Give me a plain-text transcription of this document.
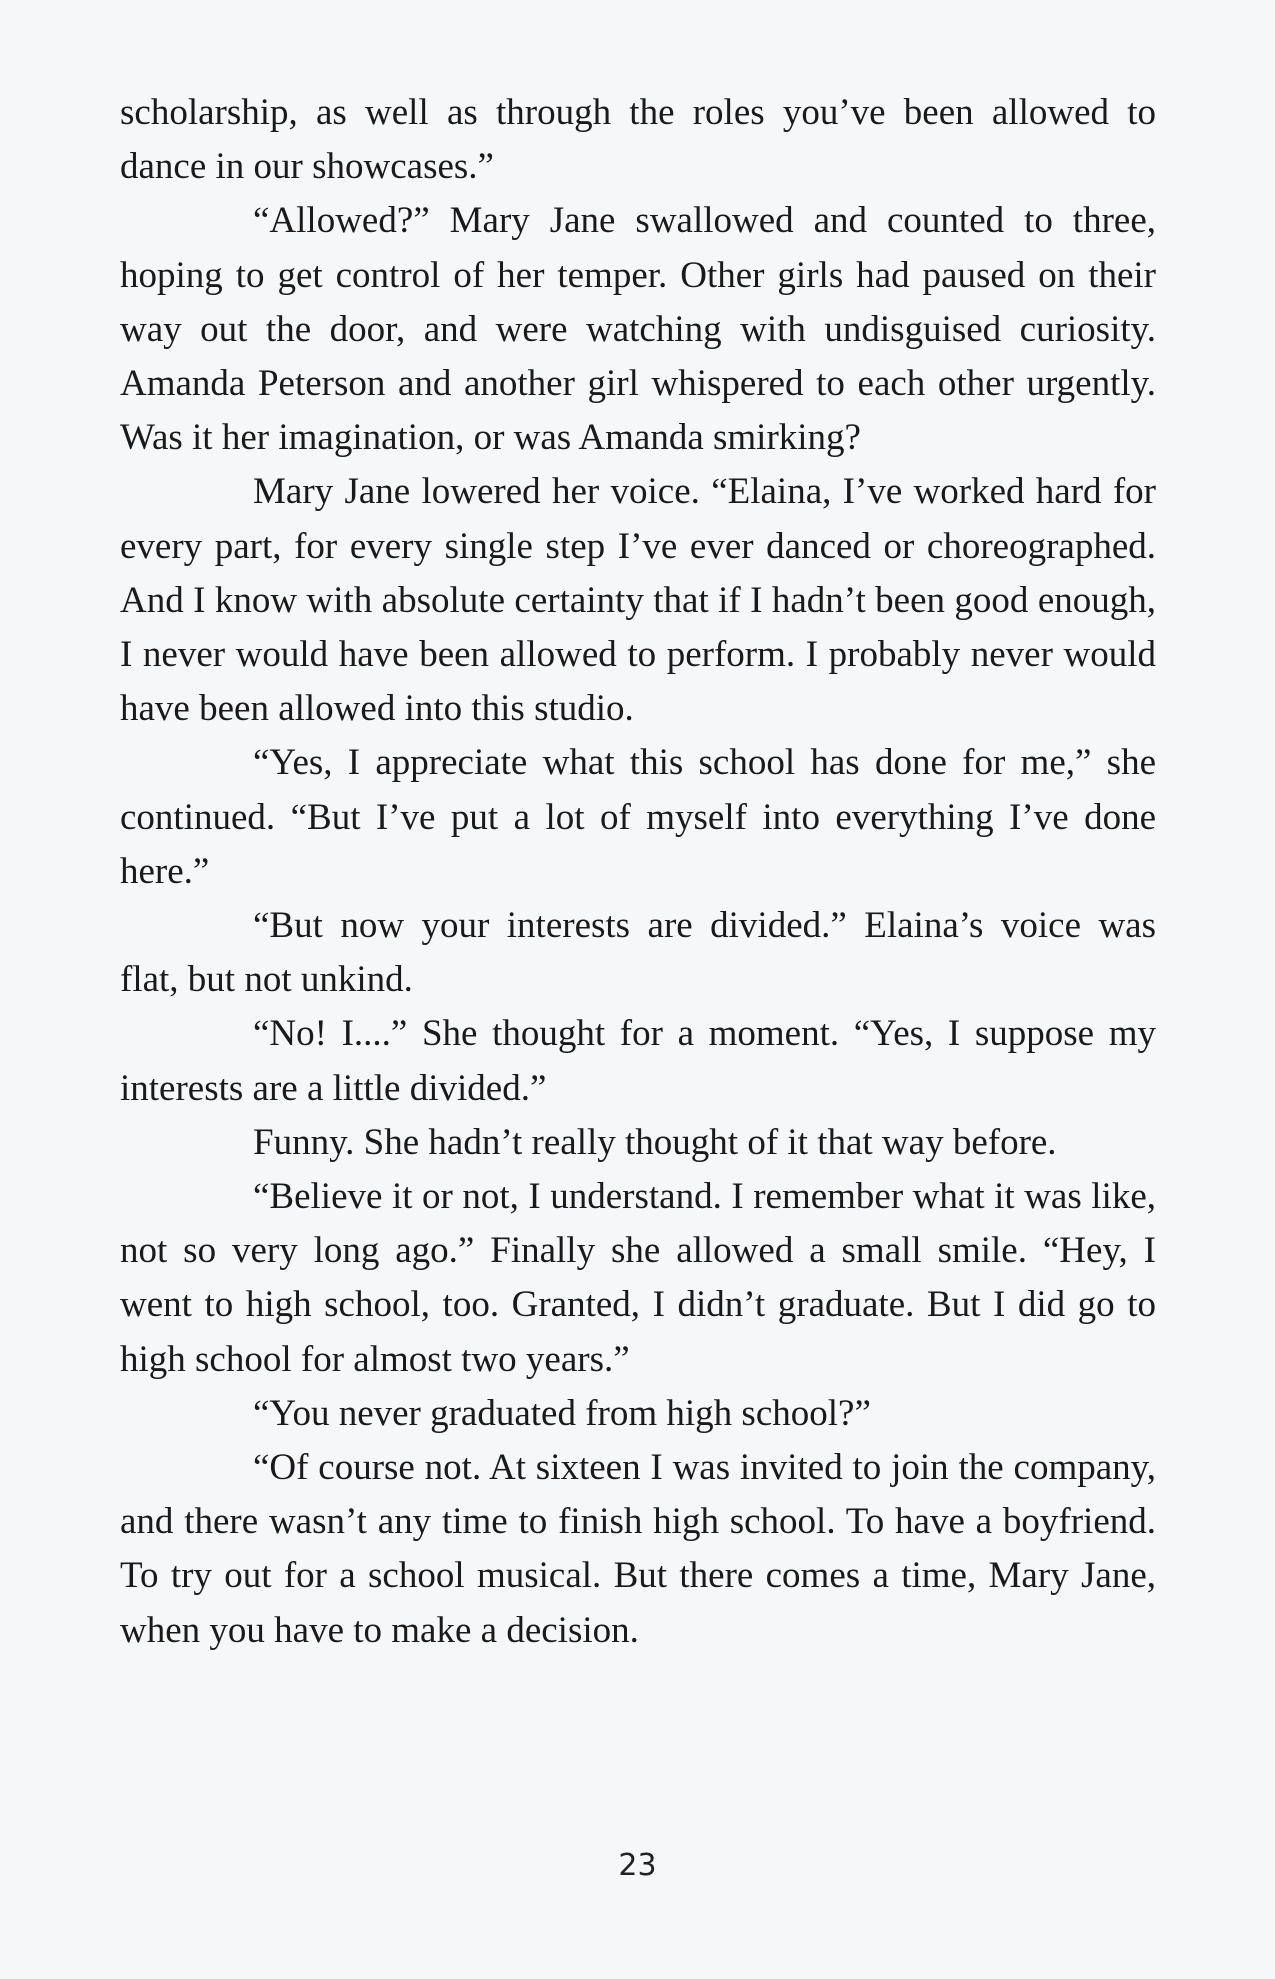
scholarship, as well as through the roles you’ve been allowed to dance in our showcases.”

“Allowed?” Mary Jane swallowed and counted to three, hoping to get control of her temper. Other girls had paused on their way out the door, and were watching with undisguised curiosity. Amanda Peterson and another girl whispered to each other urgently. Was it her imagination, or was Amanda smirking?

Mary Jane lowered her voice. “Elaina, I’ve worked hard for every part, for every single step I’ve ever danced or choreographed. And I know with absolute certainty that if I hadn’t been good enough, I never would have been allowed to perform. I probably never would have been allowed into this studio.

“Yes, I appreciate what this school has done for me,” she continued. “But I’ve put a lot of myself into everything I’ve done here.”

“But now your interests are divided.” Elaina’s voice was flat, but not unkind.

“No! I....” She thought for a moment. “Yes, I suppose my interests are a little divided.”

Funny. She hadn’t really thought of it that way before.

“Believe it or not, I understand. I remember what it was like, not so very long ago.” Finally she allowed a small smile. “Hey, I went to high school, too. Granted, I didn’t graduate. But I did go to high school for almost two years.”

“You never graduated from high school?”

“Of course not. At sixteen I was invited to join the company, and there wasn’t any time to finish high school. To have a boyfriend. To try out for a school musical. But there comes a time, Mary Jane, when you have to make a decision.

23
